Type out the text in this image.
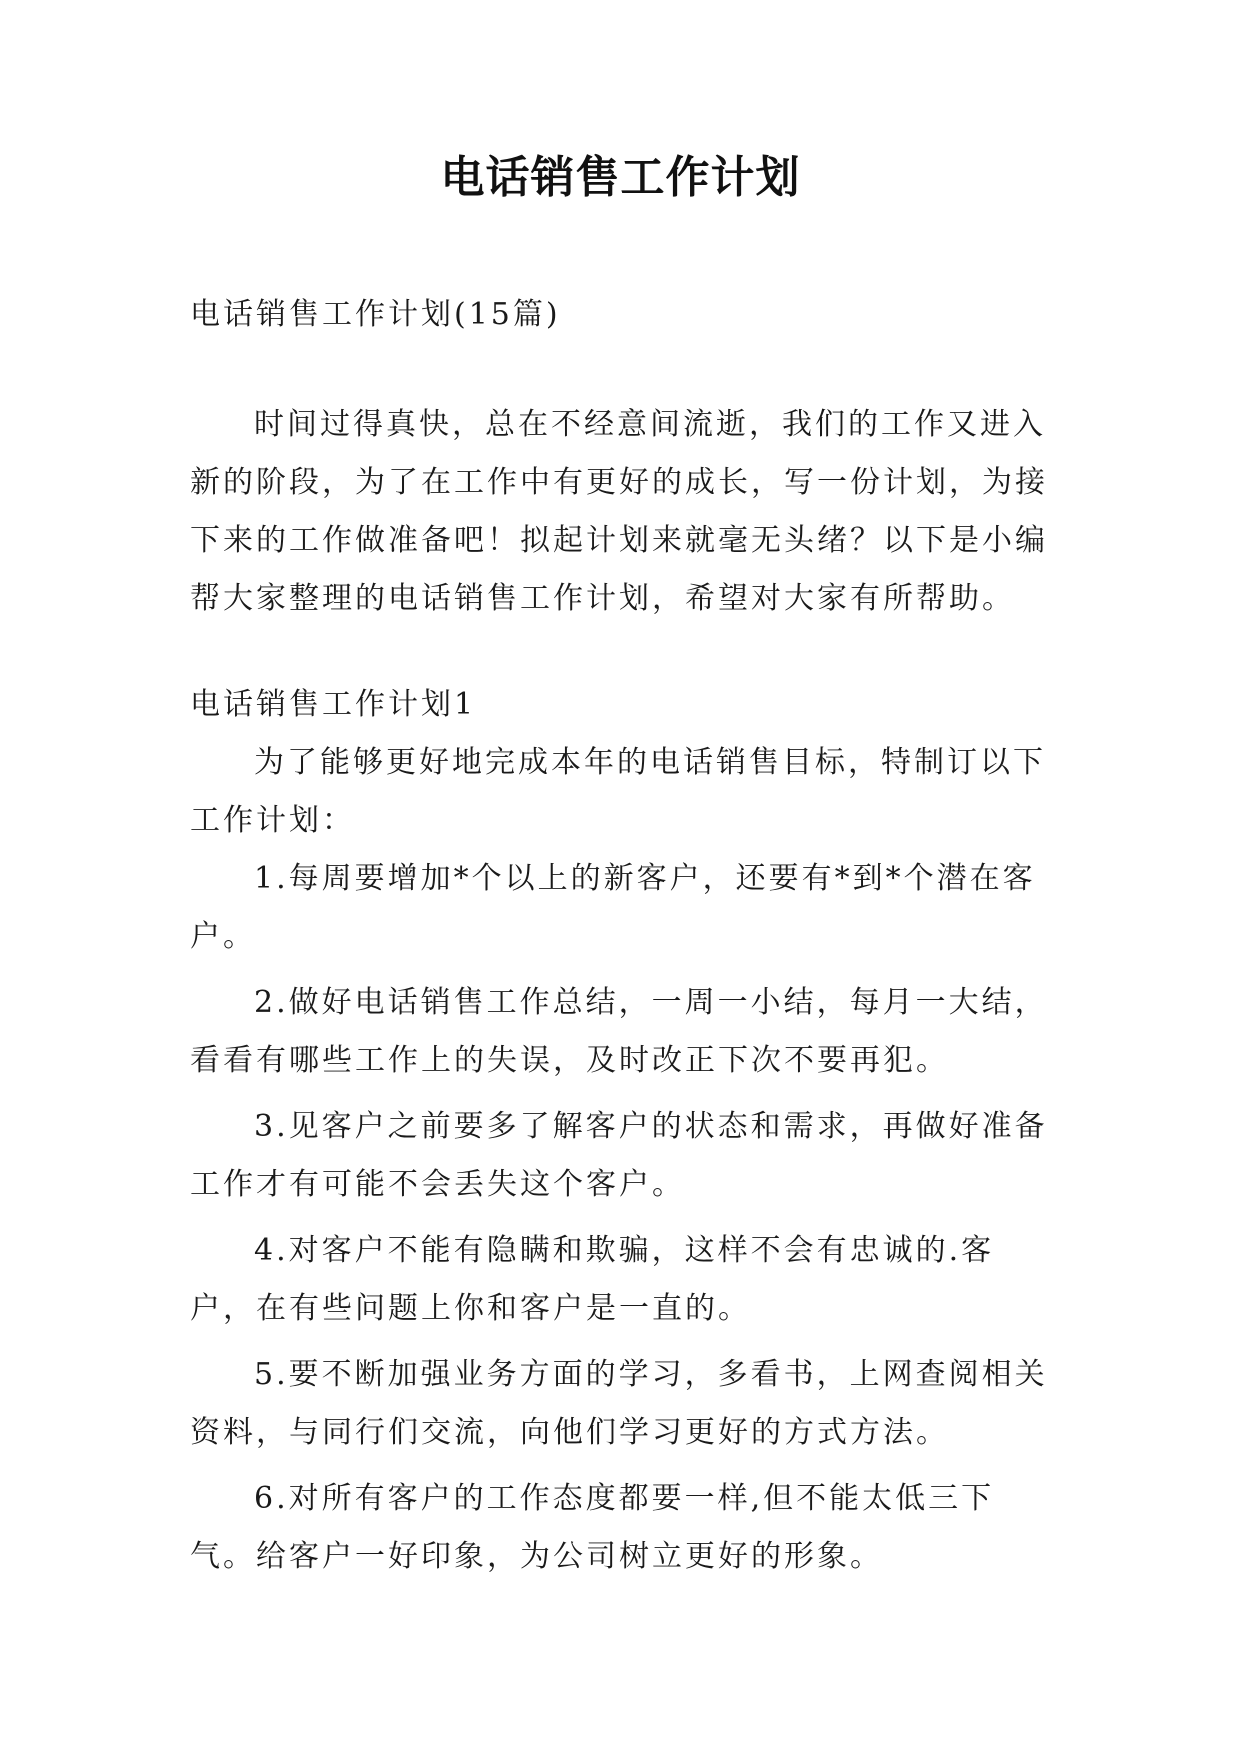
电话销售工作计划

电话销售工作计划(15篇)

时间过得真快，总在不经意间流逝，我们的工作又进入新的阶段，为了在工作中有更好的成长，写一份计划，为接下来的工作做准备吧！拟起计划来就毫无头绪？以下是小编帮大家整理的电话销售工作计划，希望对大家有所帮助。

电话销售工作计划1

为了能够更好地完成本年的电话销售目标，特制订以下工作计划：

1.每周要增加*个以上的新客户，还要有*到*个潜在客户。

2.做好电话销售工作总结，一周一小结，每月一大结，看看有哪些工作上的失误，及时改正下次不要再犯。

3.见客户之前要多了解客户的状态和需求，再做好准备工作才有可能不会丢失这个客户。

4.对客户不能有隐瞒和欺骗，这样不会有忠诚的.客户，在有些问题上你和客户是一直的。

5.要不断加强业务方面的学习，多看书，上网查阅相关资料，与同行们交流，向他们学习更好的方式方法。

6.对所有客户的工作态度都要一样,但不能太低三下气。给客户一好印象，为公司树立更好的形象。
